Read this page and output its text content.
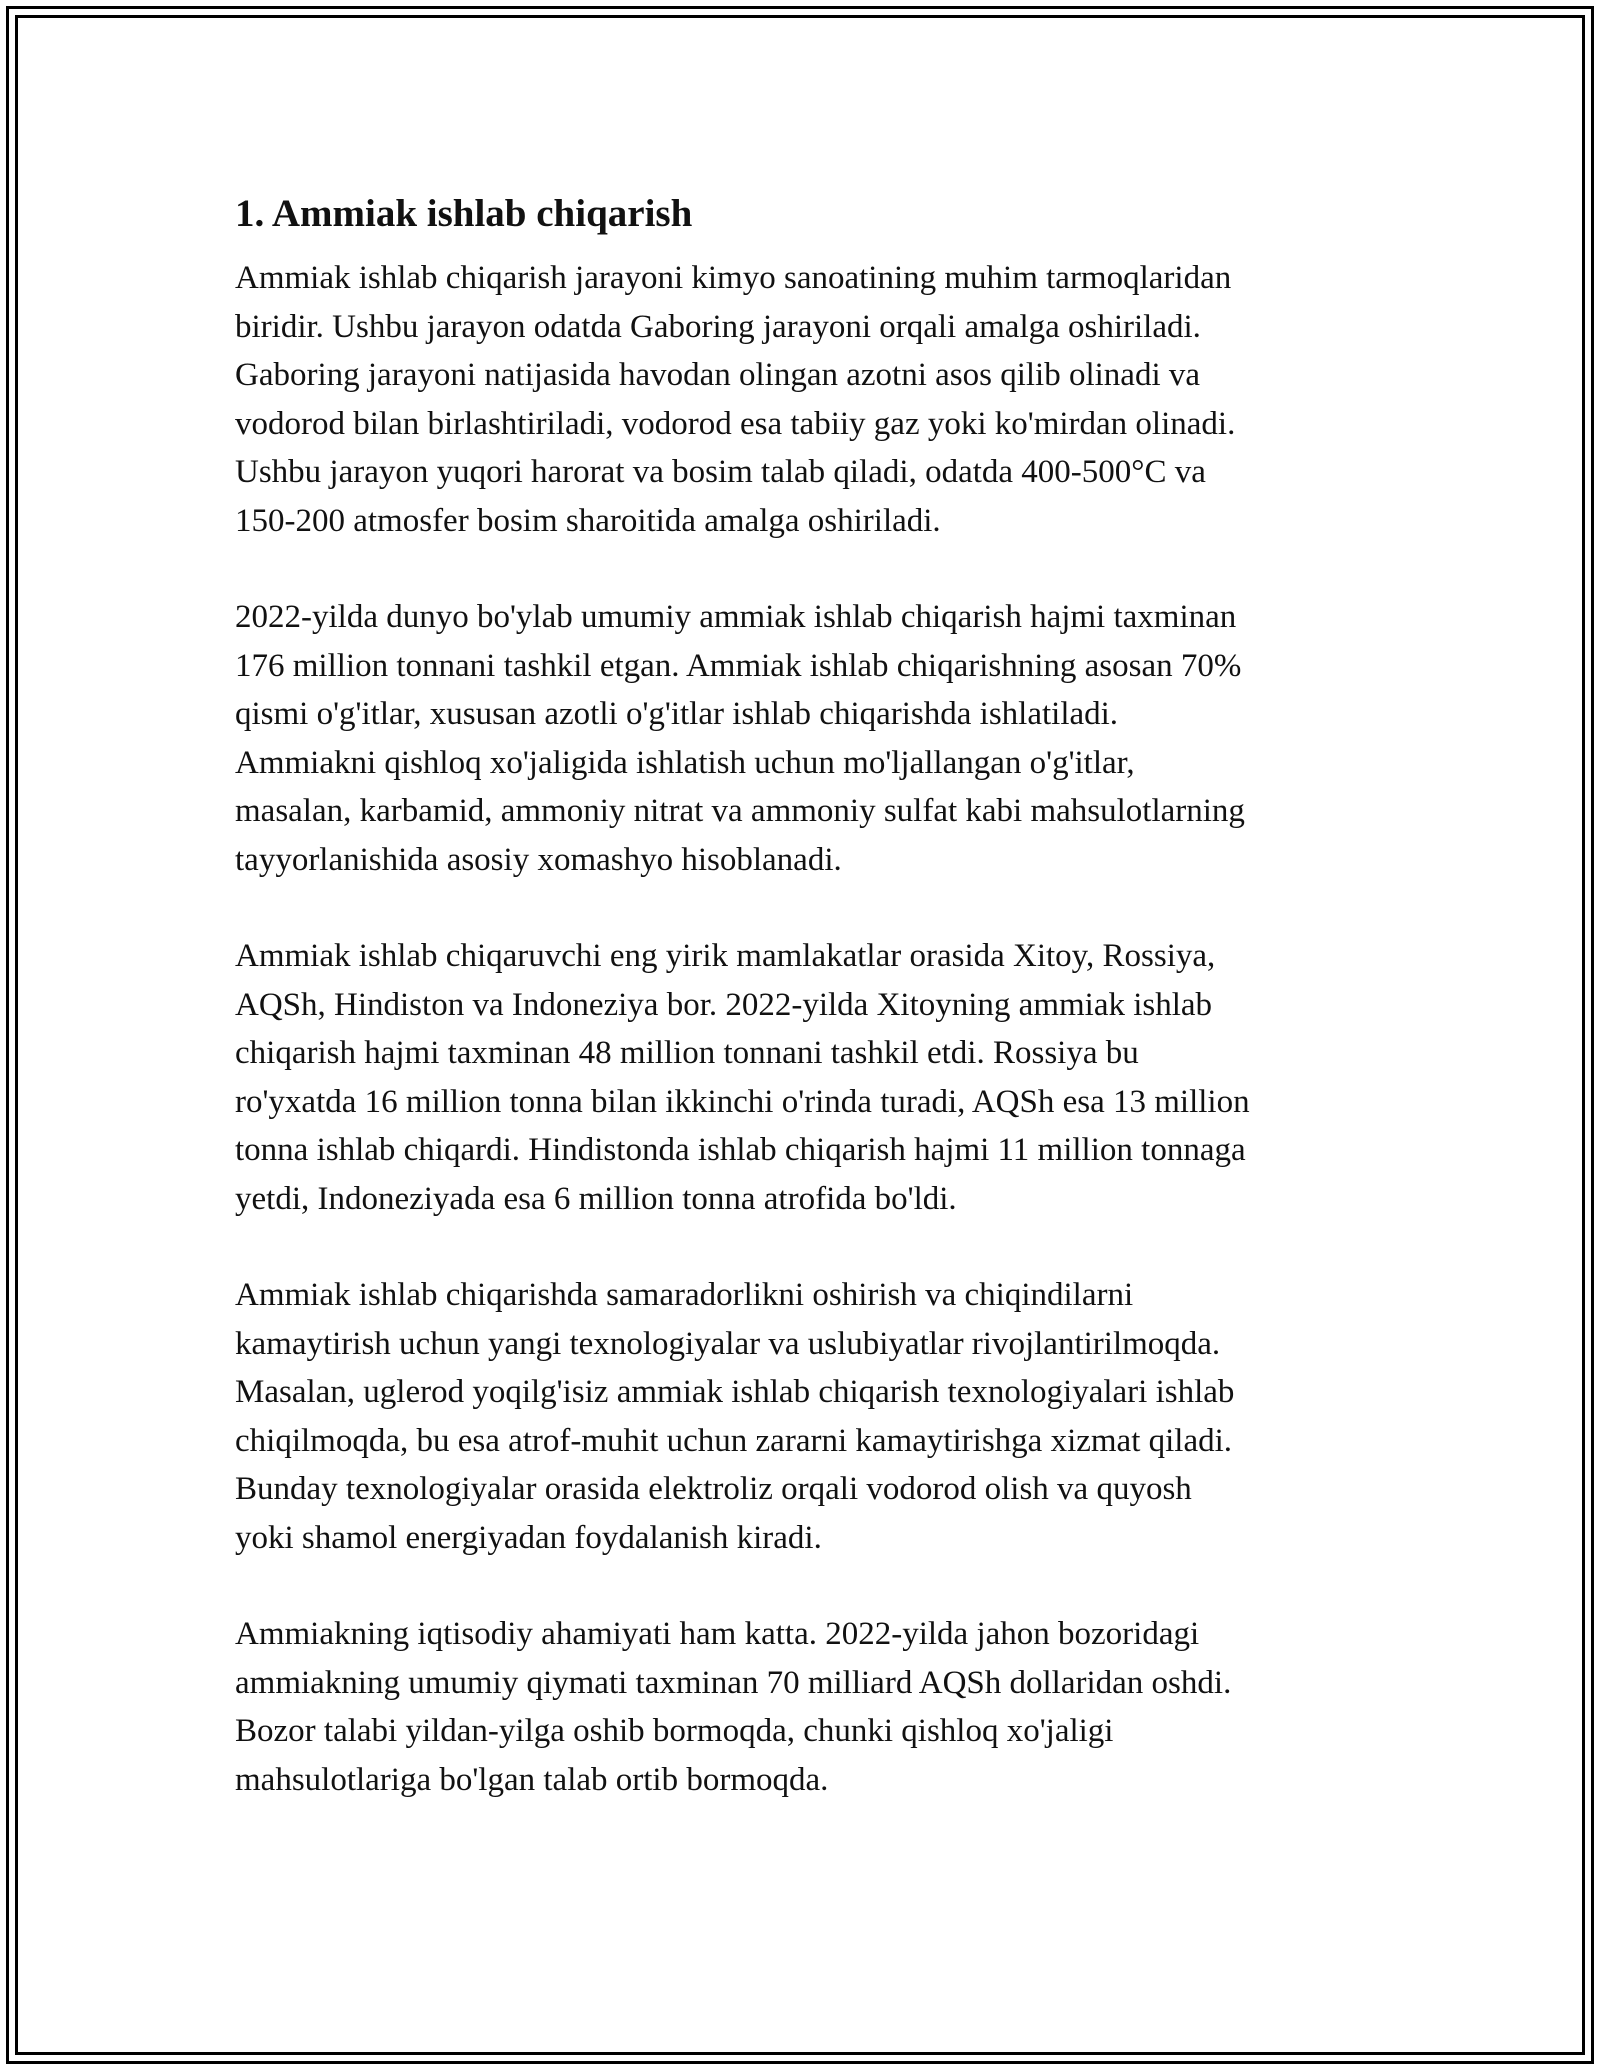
1. Ammiak ishlab chiqarish

Ammiak ishlab chiqarish jarayoni kimyo sanoatining muhim tarmoqlaridan
biridir. Ushbu jarayon odatda Gaboring jarayoni orqali amalga oshiriladi.
Gaboring jarayoni natijasida havodan olingan azotni asos qilib olinadi va
vodorod bilan birlashtiriladi, vodorod esa tabiiy gaz yoki ko'mirdan olinadi.
Ushbu jarayon yuqori harorat va bosim talab qiladi, odatda 400-500°C va
150-200 atmosfer bosim sharoitida amalga oshiriladi.

2022-yilda dunyo bo'ylab umumiy ammiak ishlab chiqarish hajmi taxminan
176 million tonnani tashkil etgan. Ammiak ishlab chiqarishning asosan 70%
qismi o'g'itlar, xususan azotli o'g'itlar ishlab chiqarishda ishlatiladi.
Ammiakni qishloq xo'jaligida ishlatish uchun mo'ljallangan o'g'itlar,
masalan, karbamid, ammoniy nitrat va ammoniy sulfat kabi mahsulotlarning
tayyorlanishida asosiy xomashyo hisoblanadi.

Ammiak ishlab chiqaruvchi eng yirik mamlakatlar orasida Xitoy, Rossiya,
AQSh, Hindiston va Indoneziya bor. 2022-yilda Xitoyning ammiak ishlab
chiqarish hajmi taxminan 48 million tonnani tashkil etdi. Rossiya bu
ro'yxatda 16 million tonna bilan ikkinchi o'rinda turadi, AQSh esa 13 million
tonna ishlab chiqardi. Hindistonda ishlab chiqarish hajmi 11 million tonnaga
yetdi, Indoneziyada esa 6 million tonna atrofida bo'ldi.

Ammiak ishlab chiqarishda samaradorlikni oshirish va chiqindilarni
kamaytirish uchun yangi texnologiyalar va uslubiyatlar rivojlantirilmoqda.
Masalan, uglerod yoqilg'isiz ammiak ishlab chiqarish texnologiyalari ishlab
chiqilmoqda, bu esa atrof-muhit uchun zararni kamaytirishga xizmat qiladi.
Bunday texnologiyalar orasida elektroliz orqali vodorod olish va quyosh
yoki shamol energiyadan foydalanish kiradi.

Ammiakning iqtisodiy ahamiyati ham katta. 2022-yilda jahon bozoridagi
ammiakning umumiy qiymati taxminan 70 milliard AQSh dollaridan oshdi.
Bozor talabi yildan-yilga oshib bormoqda, chunki qishloq xo'jaligi
mahsulotlariga bo'lgan talab ortib bormoqda.
